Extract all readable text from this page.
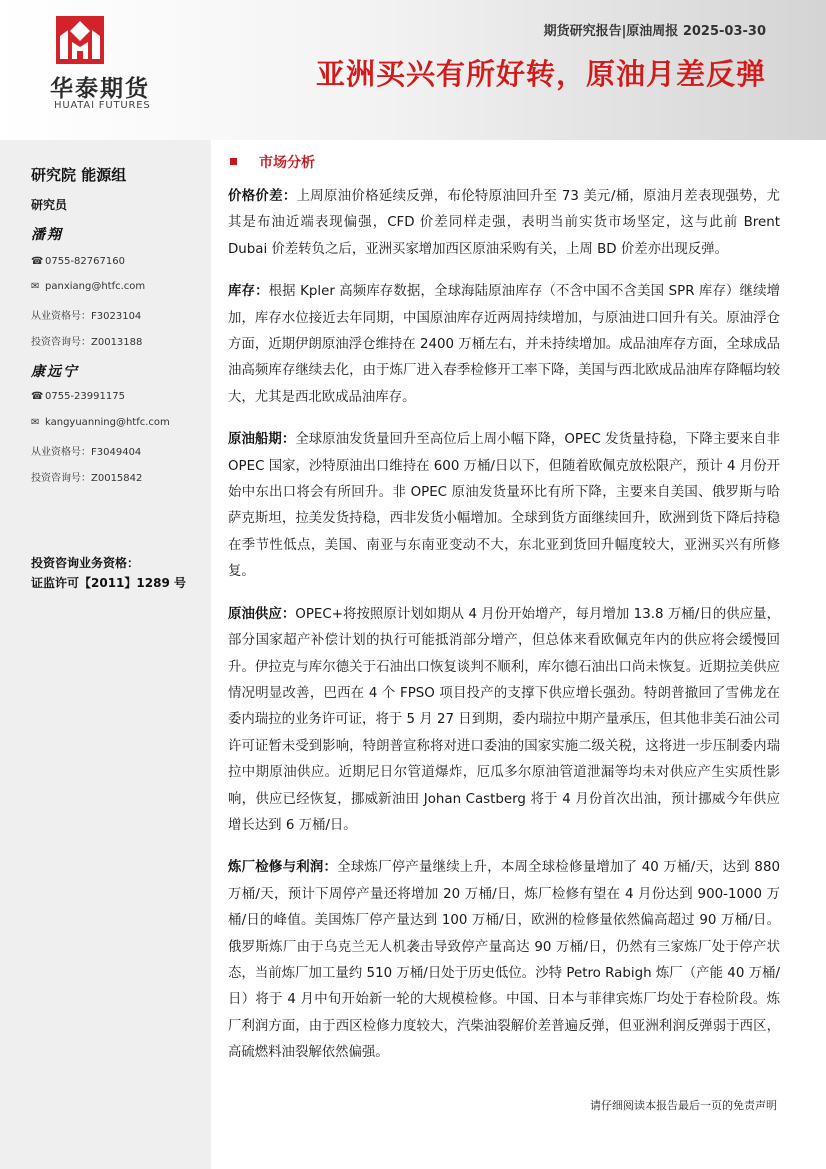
华泰期货
HUATAI FUTURES
期货研究报告|原油周报 2025-03-30
亚洲买兴有所好转，原油月差反弹
研究院 能源组
研究员
潘翔
☎ 0755-82767160
✉ panxiang@htfc.com
从业资格号：F3023104
投资咨询号：Z0013188
康远宁
☎ 0755-23991175
✉ kangyuanning@htfc.com
从业资格号：F3049404
投资咨询号：Z0015842
投资咨询业务资格：
证监许可【2011】1289 号
市场分析

价格价差：上周原油价格延续反弹，布伦特原油回升至 73 美元/桶，原油月差表现强势，尤其是布油近端表现偏强，CFD 价差同样走强，表明当前实货市场坚定，这与此前 Brent Dubai 价差转负之后，亚洲买家增加西区原油采购有关，上周 BD 价差亦出现反弹。

库存：根据 Kpler 高频库存数据，全球海陆原油库存（不含中国不含美国 SPR 库存）继续增加，库存水位接近去年同期，中国原油库存近两周持续增加，与原油进口回升有关。原油浮仓方面，近期伊朗原油浮仓维持在 2400 万桶左右，并未持续增加。成品油库存方面，全球成品油高频库存继续去化，由于炼厂进入春季检修开工率下降，美国与西北欧成品油库存降幅均较大，尤其是西北欧成品油库存。

原油船期：全球原油发货量回升至高位后上周小幅下降，OPEC 发货量持稳，下降主要来自非 OPEC 国家，沙特原油出口维持在 600 万桶/日以下，但随着欧佩克放松限产，预计 4 月份开始中东出口将会有所回升。非 OPEC 原油发货量环比有所下降，主要来自美国、俄罗斯与哈萨克斯坦，拉美发货持稳，西非发货小幅增加。全球到货方面继续回升，欧洲到货下降后持稳在季节性低点，美国、南亚与东南亚变动不大，东北亚到货回升幅度较大，亚洲买兴有所修复。

原油供应：OPEC+将按照原计划如期从 4 月份开始增产，每月增加 13.8 万桶/日的供应量，部分国家超产补偿计划的执行可能抵消部分增产，但总体来看欧佩克年内的供应将会缓慢回升。伊拉克与库尔德关于石油出口恢复谈判不顺利，库尔德石油出口尚未恢复。近期拉美供应情况明显改善，巴西在 4 个 FPSO 项目投产的支撑下供应增长强劲。特朗普撤回了雪佛龙在委内瑞拉的业务许可证，将于 5 月 27 日到期，委内瑞拉中期产量承压，但其他非美石油公司许可证暂未受到影响，特朗普宣称将对进口委油的国家实施二级关税，这将进一步压制委内瑞拉中期原油供应。近期尼日尔管道爆炸，厄瓜多尔原油管道泄漏等均未对供应产生实质性影响，供应已经恢复，挪威新油田 Johan Castberg 将于 4 月份首次出油，预计挪威今年供应增长达到 6 万桶/日。

炼厂检修与利润：全球炼厂停产量继续上升，本周全球检修量增加了 40 万桶/天，达到 880 万桶/天，预计下周停产量还将增加 20 万桶/日，炼厂检修有望在 4 月份达到 900-1000 万桶/日的峰值。美国炼厂停产量达到 100 万桶/日，欧洲的检修量依然偏高超过 90 万桶/日。俄罗斯炼厂由于乌克兰无人机袭击导致停产量高达 90 万桶/日，仍然有三家炼厂处于停产状态，当前炼厂加工量约 510 万桶/日处于历史低位。沙特 Petro Rabigh 炼厂（产能 40 万桶/日）将于 4 月中旬开始新一轮的大规模检修。中国、日本与菲律宾炼厂均处于春检阶段。炼厂利润方面，由于西区检修力度较大，汽柴油裂解价差普遍反弹，但亚洲利润反弹弱于西区，高硫燃料油裂解依然偏强。

请仔细阅读本报告最后一页的免责声明
